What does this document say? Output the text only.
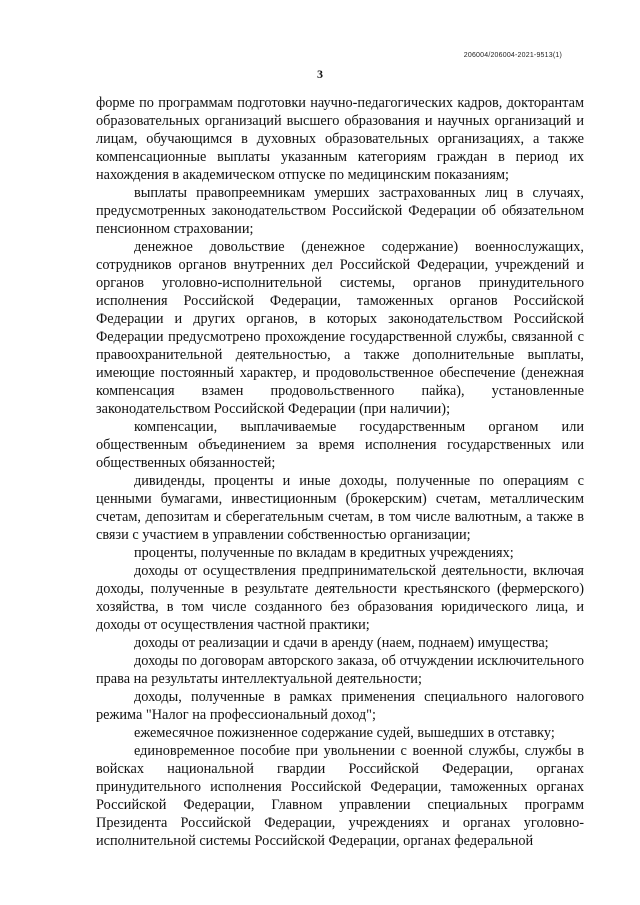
206004/206004-2021-9513(1)
3

форме по программам подготовки научно-педагогических кадров, докторантам образовательных организаций высшего образования и научных организаций и лицам, обучающимся в духовных образовательных организациях, а также компенсационные выплаты указанным категориям граждан в период их нахождения в академическом отпуске по медицинским показаниям;

выплаты правопреемникам умерших застрахованных лиц в случаях, предусмотренных законодательством Российской Федерации об обязательном пенсионном страховании;

денежное довольствие (денежное содержание) военнослужащих, сотрудников органов внутренних дел Российской Федерации, учреждений и органов уголовно-исполнительной системы, органов принудительного исполнения Российской Федерации, таможенных органов Российской Федерации и других органов, в которых законодательством Российской Федерации предусмотрено прохождение государственной службы, связанной с правоохранительной деятельностью, а также дополнительные выплаты, имеющие постоянный характер, и продовольственное обеспечение (денежная компенсация взамен продовольственного пайка), установленные законодательством Российской Федерации (при наличии);

компенсации, выплачиваемые государственным органом или общественным объединением за время исполнения государственных или общественных обязанностей;

дивиденды, проценты и иные доходы, полученные по операциям с ценными бумагами, инвестиционным (брокерским) счетам, металлическим счетам, депозитам и сберегательным счетам, в том числе валютным, а также в связи с участием в управлении собственностью организации;

проценты, полученные по вкладам в кредитных учреждениях;

доходы от осуществления предпринимательской деятельности, включая доходы, полученные в результате деятельности крестьянского (фермерского) хозяйства, в том числе созданного без образования юридического лица, и доходы от осуществления частной практики;

доходы от реализации и сдачи в аренду (наем, поднаем) имущества;

доходы по договорам авторского заказа, об отчуждении исключительного права на результаты интеллектуальной деятельности;

доходы, полученные в рамках применения специального налогового режима "Налог на профессиональный доход";

ежемесячное пожизненное содержание судей, вышедших в отставку;

единовременное пособие при увольнении с военной службы, службы в войсках национальной гвардии Российской Федерации, органах принудительного исполнения Российской Федерации, таможенных органах Российской Федерации, Главном управлении специальных программ Президента Российской Федерации, учреждениях и органах уголовно-исполнительной системы Российской Федерации, органах федеральной
